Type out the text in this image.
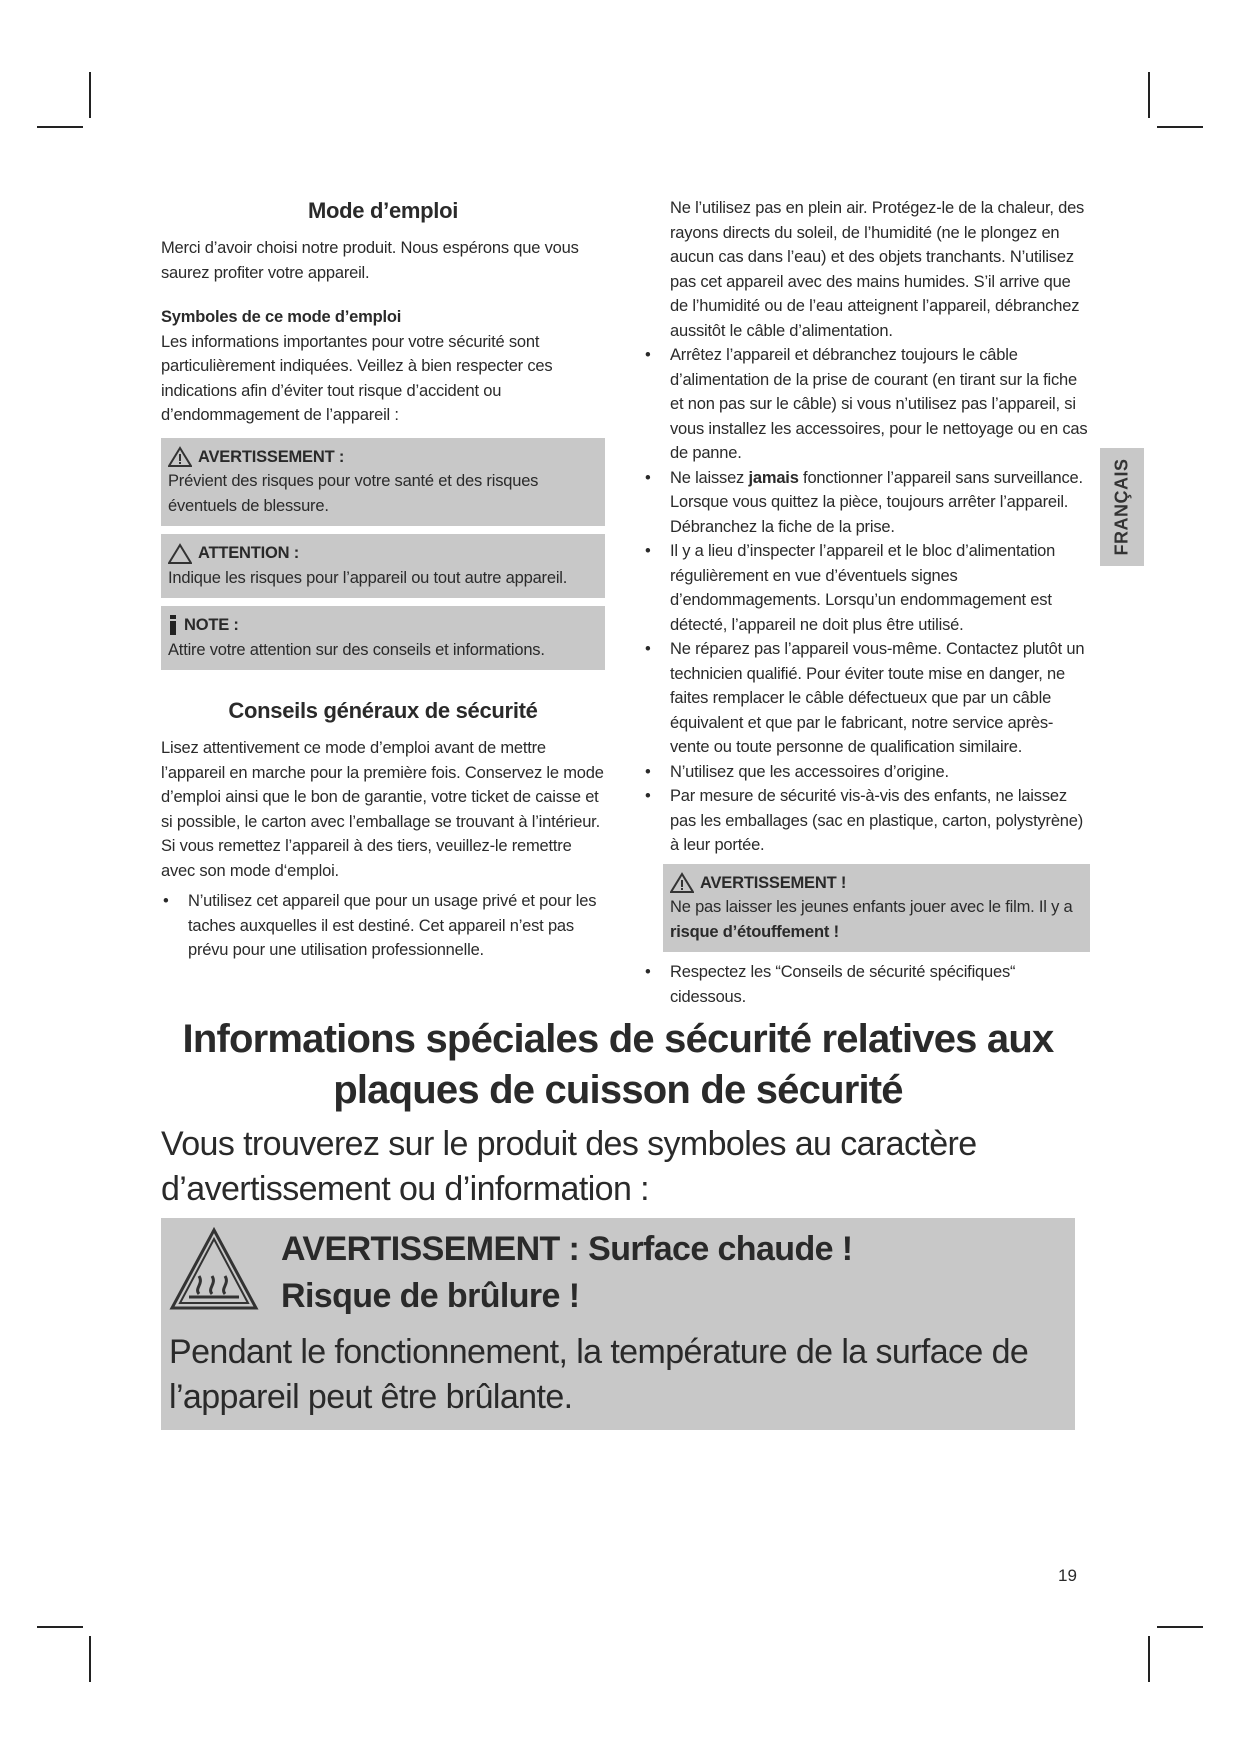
Mode d’emploi

Merci d’avoir choisi notre produit. Nous espérons que vous saurez profiter votre appareil.

Symboles de ce mode d’emploi

Les informations importantes pour votre sécurité sont particulièrement indiquées. Veillez à bien respecter ces indications afin d’éviter tout risque d’accident ou d’endommagement de l’appareil :

AVERTISSEMENT :
Prévient des risques pour votre santé et des risques éventuels de blessure.
ATTENTION :
Indique les risques pour l’appareil ou tout autre appareil.
NOTE :
Attire votre attention sur des conseils et informations.
Conseils généraux de sécurité

Lisez attentivement ce mode d’emploi avant de mettre l’appareil en marche pour la première fois. Conservez le mode d’emploi ainsi que le bon de garantie, votre ticket de caisse et si possible, le carton avec l’emballage se trouvant à l’intérieur. Si vous remettez l’appareil à des tiers, veuillez-le remettre avec son mode d‘emploi.

• N’utilisez cet appareil que pour un usage privé et pour les taches auxquelles il est destiné. Cet appareil n’est pas prévu pour une utilisation professionnelle.

Ne l’utilisez pas en plein air. Protégez-le de la chaleur, des rayons directs du soleil, de l’humidité (ne le plongez en aucun cas dans l’eau) et des objets tranchants. N’utilisez pas cet appareil avec des mains humides. S’il arrive que de l’humidité ou de l’eau atteignent l’appareil, débranchez aussitôt le câble d’alimentation.

• Arrêtez l’appareil et débranchez toujours le câble d’alimentation de la prise de courant (en tirant sur la fiche et non pas sur le câble) si vous n’utilisez pas l’appareil, si vous installez les accessoires, pour le nettoyage ou en cas de panne.
• Ne laissez jamais fonctionner l’appareil sans surveillance. Lorsque vous quittez la pièce, toujours arrêter l’appareil. Débranchez la fiche de la prise.
• Il y a lieu d’inspecter l’appareil et le bloc d’alimentation régulièrement en vue d’éventuels signes d’endommagements. Lorsqu’un endommagement est détecté, l’appareil ne doit plus être utilisé.
• Ne réparez pas l’appareil vous-même. Contactez plutôt un technicien qualifié. Pour éviter toute mise en danger, ne faites remplacer le câble défectueux que par un câble équivalent et que par le fabricant, notre service après-vente ou toute personne de qualification similaire.
• N’utilisez que les accessoires d’origine.
• Par mesure de sécurité vis-à-vis des enfants, ne laissez pas les emballages (sac en plastique, carton, polystyrène) à leur portée.
AVERTISSEMENT !
Ne pas laisser les jeunes enfants jouer avec le film. Il y a risque d’étouffement !
• Respectez les “Conseils de sécurité spécifiques“ cidessous.
FRANÇAIS
Informations spéciales de sécurité relatives aux plaques de cuisson de sécurité
Vous trouverez sur le produit des symboles au caractère d’avertissement ou d’information :
AVERTISSEMENT : Surface chaude !
Risque de brûlure !
Pendant le fonctionnement, la température de la surface de l’appareil peut être brûlante.
19
